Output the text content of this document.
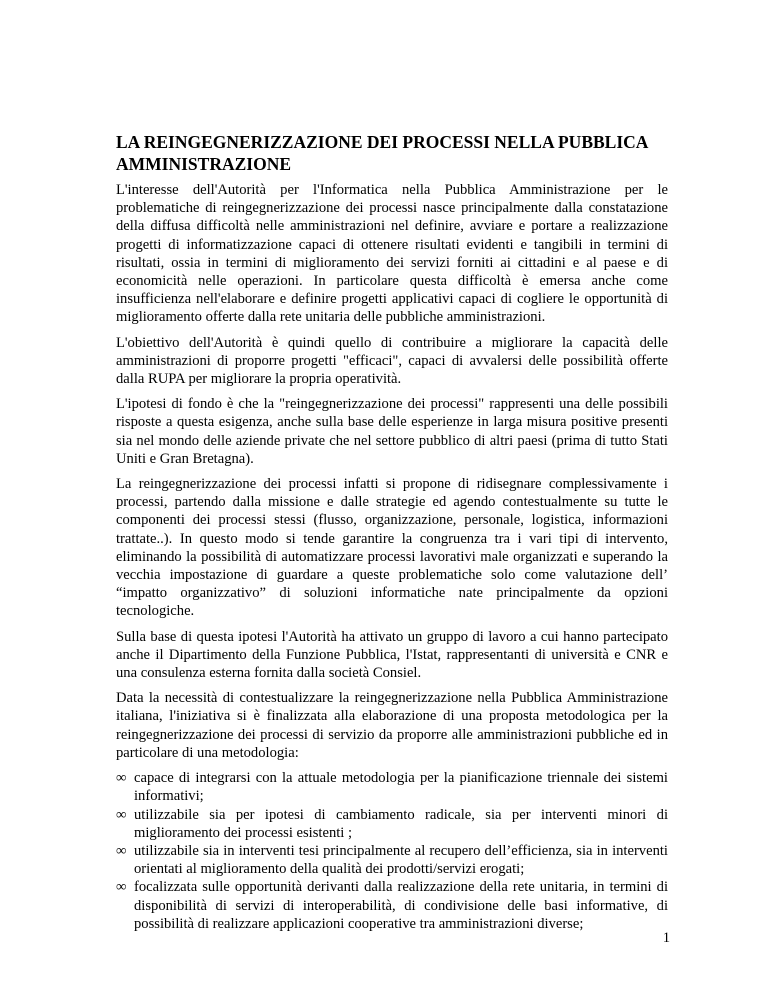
LA REINGEGNERIZZAZIONE DEI PROCESSI NELLA PUBBLICA AMMINISTRAZIONE

L'interesse dell'Autorità per l'Informatica nella Pubblica Amministrazione per le problematiche di reingegnerizzazione dei processi nasce principalmente dalla constatazione della diffusa difficoltà nelle amministrazioni nel definire, avviare e portare a realizzazione progetti di informatizzazione capaci di ottenere risultati evidenti e tangibili in termini di risultati, ossia in termini di miglioramento dei servizi forniti ai cittadini e al paese e di economicità nelle operazioni. In particolare questa difficoltà è emersa anche come insufficienza nell'elaborare e definire progetti applicativi capaci di cogliere le opportunità di miglioramento offerte dalla rete unitaria delle pubbliche amministrazioni.

L'obiettivo dell'Autorità è quindi quello di contribuire a migliorare la capacità delle amministrazioni di proporre progetti "efficaci", capaci di avvalersi delle possibilità offerte dalla RUPA per migliorare la propria operatività.

L'ipotesi di fondo è che la "reingegnerizzazione dei processi" rappresenti una delle possibili risposte a questa esigenza, anche sulla base delle esperienze in larga misura positive presenti sia nel mondo delle aziende private che nel settore pubblico di altri paesi (prima di tutto Stati Uniti e Gran Bretagna).

La reingegnerizzazione dei processi infatti si propone di ridisegnare complessivamente i processi, partendo dalla missione e dalle strategie ed agendo contestualmente su tutte le componenti dei processi stessi (flusso, organizzazione, personale, logistica, informazioni trattate..). In questo modo si tende garantire la congruenza tra i vari tipi di intervento, eliminando la possibilità di automatizzare processi lavorativi male organizzati e superando la vecchia impostazione di guardare a queste problematiche solo come valutazione dell’ “impatto organizzativo” di soluzioni informatiche nate principalmente da opzioni tecnologiche.

Sulla base di questa ipotesi l'Autorità ha attivato un gruppo di lavoro a cui hanno partecipato anche il Dipartimento della Funzione Pubblica, l'Istat, rappresentanti di università e CNR e una consulenza esterna fornita dalla società Consiel.

Data la necessità di contestualizzare la reingegnerizzazione nella Pubblica Amministrazione italiana, l'iniziativa si è finalizzata alla elaborazione di una proposta metodologica per la reingegnerizzazione dei processi di servizio da proporre alle amministrazioni pubbliche ed in particolare di una metodologia:

∞ capace di integrarsi con la attuale metodologia per la pianificazione triennale dei sistemi informativi;
∞ utilizzabile sia per ipotesi di cambiamento radicale, sia per interventi minori di miglioramento dei processi esistenti ;
∞ utilizzabile sia in interventi tesi principalmente al recupero dell’efficienza, sia in interventi orientati al miglioramento della qualità dei prodotti/servizi erogati;
∞ focalizzata sulle opportunità derivanti dalla realizzazione della rete unitaria, in termini di disponibilità di servizi di interoperabilità, di condivisione delle basi informative, di possibilità di realizzare applicazioni cooperative tra amministrazioni diverse;
1
